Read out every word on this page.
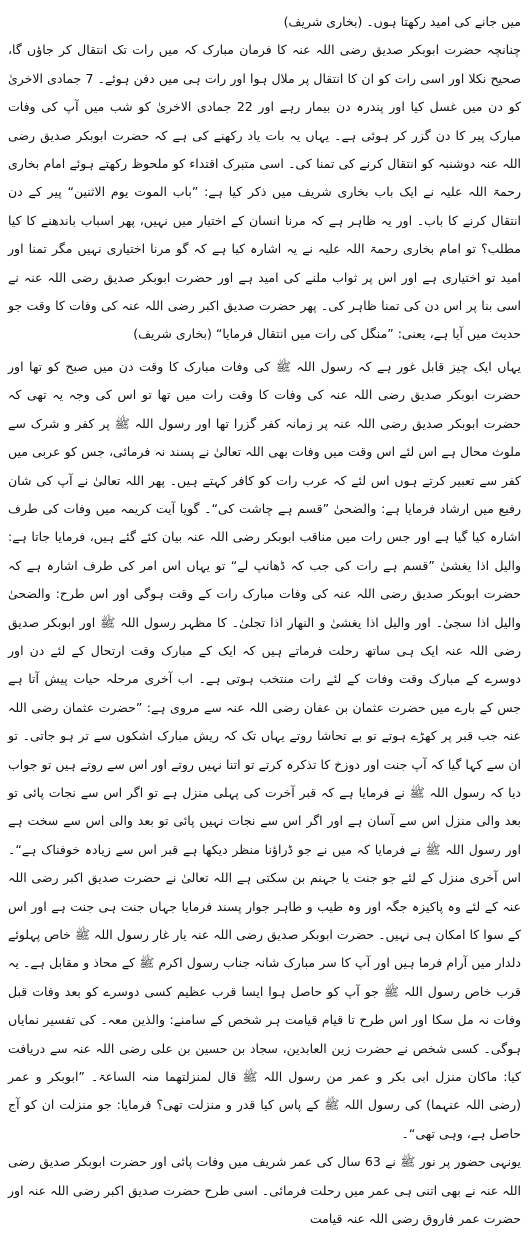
میں جانے کی امید رکھتا ہوں۔ (بخاری شریف)

چنانچہ حضرت ابوبکر صدیق رضی اللہ عنہ کا فرمان مبارک کہ میں رات تک انتقال کر جاؤں گا، صحیح نکلا اور اسی رات کو ان کا انتقال پر ملال ہوا اور رات ہی میں دفن ہوئے۔ 7 جمادی الاخریٰ کو دن میں غسل کیا اور پندرہ دن بیمار رہے اور 22 جمادی الاخریٰ کو شب میں آپ کی وفات مبارک پیر کا دن گزر کر ہوئی ہے۔ یہاں یہ بات یاد رکھنے کی ہے کہ حضرت ابوبکر صدیق رضی اللہ عنہ دوشنبہ کو انتقال کرنے کی تمنا کی۔ اسی متبرک اقتداء کو ملحوظ رکھتے ہوئے امام بخاری رحمۃ اللہ علیہ نے ایک باب بخاری شریف میں ذکر کیا ہے: ”باب الموت یوم الاثنین“ پیر کے دن انتقال کرنے کا باب۔ اور یہ ظاہر ہے کہ مرنا انسان کے اختیار میں نہیں، پھر اسباب باندھنے کا کیا مطلب؟ تو امام بخاری رحمۃ اللہ علیہ نے یہ اشارہ کیا ہے کہ گو مرنا اختیاری نہیں مگر تمنا اور امید تو اختیاری ہے اور اس پر ثواب ملنے کی امید ہے اور حضرت ابوبکر صدیق رضی اللہ عنہ نے اسی بنا پر اس دن کی تمنا ظاہر کی۔ پھر حضرت صدیق اکبر رضی اللہ عنہ کی وفات کا وقت جو حدیث میں آیا ہے، یعنی: ”منگل کی رات میں انتقال فرمایا“ (بخاری شریف)

یہاں ایک چیز قابل غور ہے کہ رسول اللہ ﷺ کی وفات مبارک کا وقت دن میں صبح کو تھا اور حضرت ابوبکر صدیق رضی اللہ عنہ کی وفات کا وقت رات میں تھا تو اس کی وجہ یہ تھی کہ حضرت ابوبکر صدیق رضی اللہ عنہ پر زمانہ کفر گزرا تھا اور رسول اللہ ﷺ پر کفر و شرک سے ملوث محال ہے اس لئے اس وقت میں وفات بھی اللہ تعالیٰ نے پسند نہ فرمائی، جس کو عربی میں کفر سے تعبیر کرتے ہوں اس لئے کہ عرب رات کو کافر کہتے ہیں۔ پھر اللہ تعالیٰ نے آپ کی شان رفیع میں ارشاد فرمایا ہے: والضحیٰ ”قسم ہے چاشت کی“۔ گویا آیت کریمہ میں وفات کی طرف اشارہ کیا گیا ہے اور جس رات میں مناقب ابوبکر رضی اللہ عنہ بیان کئے گئے ہیں، فرمایا جاتا ہے: والیل اذا یغشیٰ ”قسم ہے رات کی جب کہ ڈھانپ لے“ تو یہاں اس امر کی طرف اشارہ ہے کہ حضرت ابوبکر صدیق رضی اللہ عنہ کی وفات مبارک رات کے وقت ہوگی اور اس طرح: والضحیٰ والیل اذا سجیٰ۔ اور والیل اذا یغشیٰ و النھار اذا تجلیٰ۔ کا مظہر رسول اللہ ﷺ اور ابوبکر صدیق رضی اللہ عنہ ایک ہی ساتھ رحلت فرماتے ہیں کہ ایک کے مبارک وقت ارتحال کے لئے دن اور دوسرے کے مبارک وقت وفات کے لئے رات منتخب ہوتی ہے۔ اب آخری مرحلہ حیات پیش آتا ہے جس کے بارے میں حضرت عثمان بن عفان رضی اللہ عنہ سے مروی ہے: ”حضرت عثمان رضی اللہ عنہ جب قبر پر کھڑے ہوتے تو بے تحاشا روتے یہاں تک کہ ریش مبارک اشکوں سے تر ہو جاتی۔ تو ان سے کہا گیا کہ آپ جنت اور دوزخ کا تذکرہ کرتے تو اتنا نہیں روتے اور اس سے روتے ہیں تو جواب دیا کہ رسول اللہ ﷺ نے فرمایا ہے کہ قبر آخرت کی پہلی منزل ہے تو اگر اس سے نجات پائی تو بعد والی منزل اس سے آسان ہے اور اگر اس سے نجات نہیں پائی تو بعد والی اس سے سخت ہے اور رسول اللہ ﷺ نے فرمایا کہ میں نے جو ڈراؤنا منظر دیکھا ہے قبر اس سے زیادہ خوفناک ہے“۔ اس آخری منزل کے لئے جو جنت یا جہنم بن سکتی ہے اللہ تعالیٰ نے حضرت صدیق اکبر رضی اللہ عنہ کے لئے وہ پاکیزہ جگہ اور وہ طیب و طاہر جوار پسند فرمایا جہاں جنت ہی جنت ہے اور اس کے سوا کا امکان ہی نہیں۔ حضرت ابوبکر صدیق رضی اللہ عنہ یار غار رسول اللہ ﷺ خاص پہلوئے دلدار میں آرام فرما ہیں اور آپ کا سر مبارک شانہ جناب رسول اکرم ﷺ کے محاذ و مقابل ہے۔ یہ قرب خاص رسول اللہ ﷺ جو آپ کو حاصل ہوا ایسا قرب عظیم کسی دوسرے کو بعد وفات قبل وفات نہ مل سکا اور اس طرح تا قیام قیامت ہر شخص کے سامنے: والذین معہ۔ کی تفسیر نمایاں ہوگی۔ کسی شخص نے حضرت زین العابدین، سجاد بن حسین بن علی رضی اللہ عنہ سے دریافت کیا: ماکان منزل ابی بکر و عمر من رسول اللہ ﷺ قال لمنزلتھما منہ الساعۃ۔ ”ابوبکر و عمر (رضی اللہ عنہما) کی رسول اللہ ﷺ کے پاس کیا قدر و منزلت تھی؟ فرمایا: جو منزلت ان کو آج حاصل ہے، وہی تھی“۔

یونہی حضور پر نور ﷺ نے 63 سال کی عمر شریف میں وفات پائی اور حضرت ابوبکر صدیق رضی اللہ عنہ نے بھی اتنی ہی عمر میں رحلت فرمائی۔ اسی طرح حضرت صدیق اکبر رضی اللہ عنہ اور حضرت عمر فاروق رضی اللہ عنہ قیامت
